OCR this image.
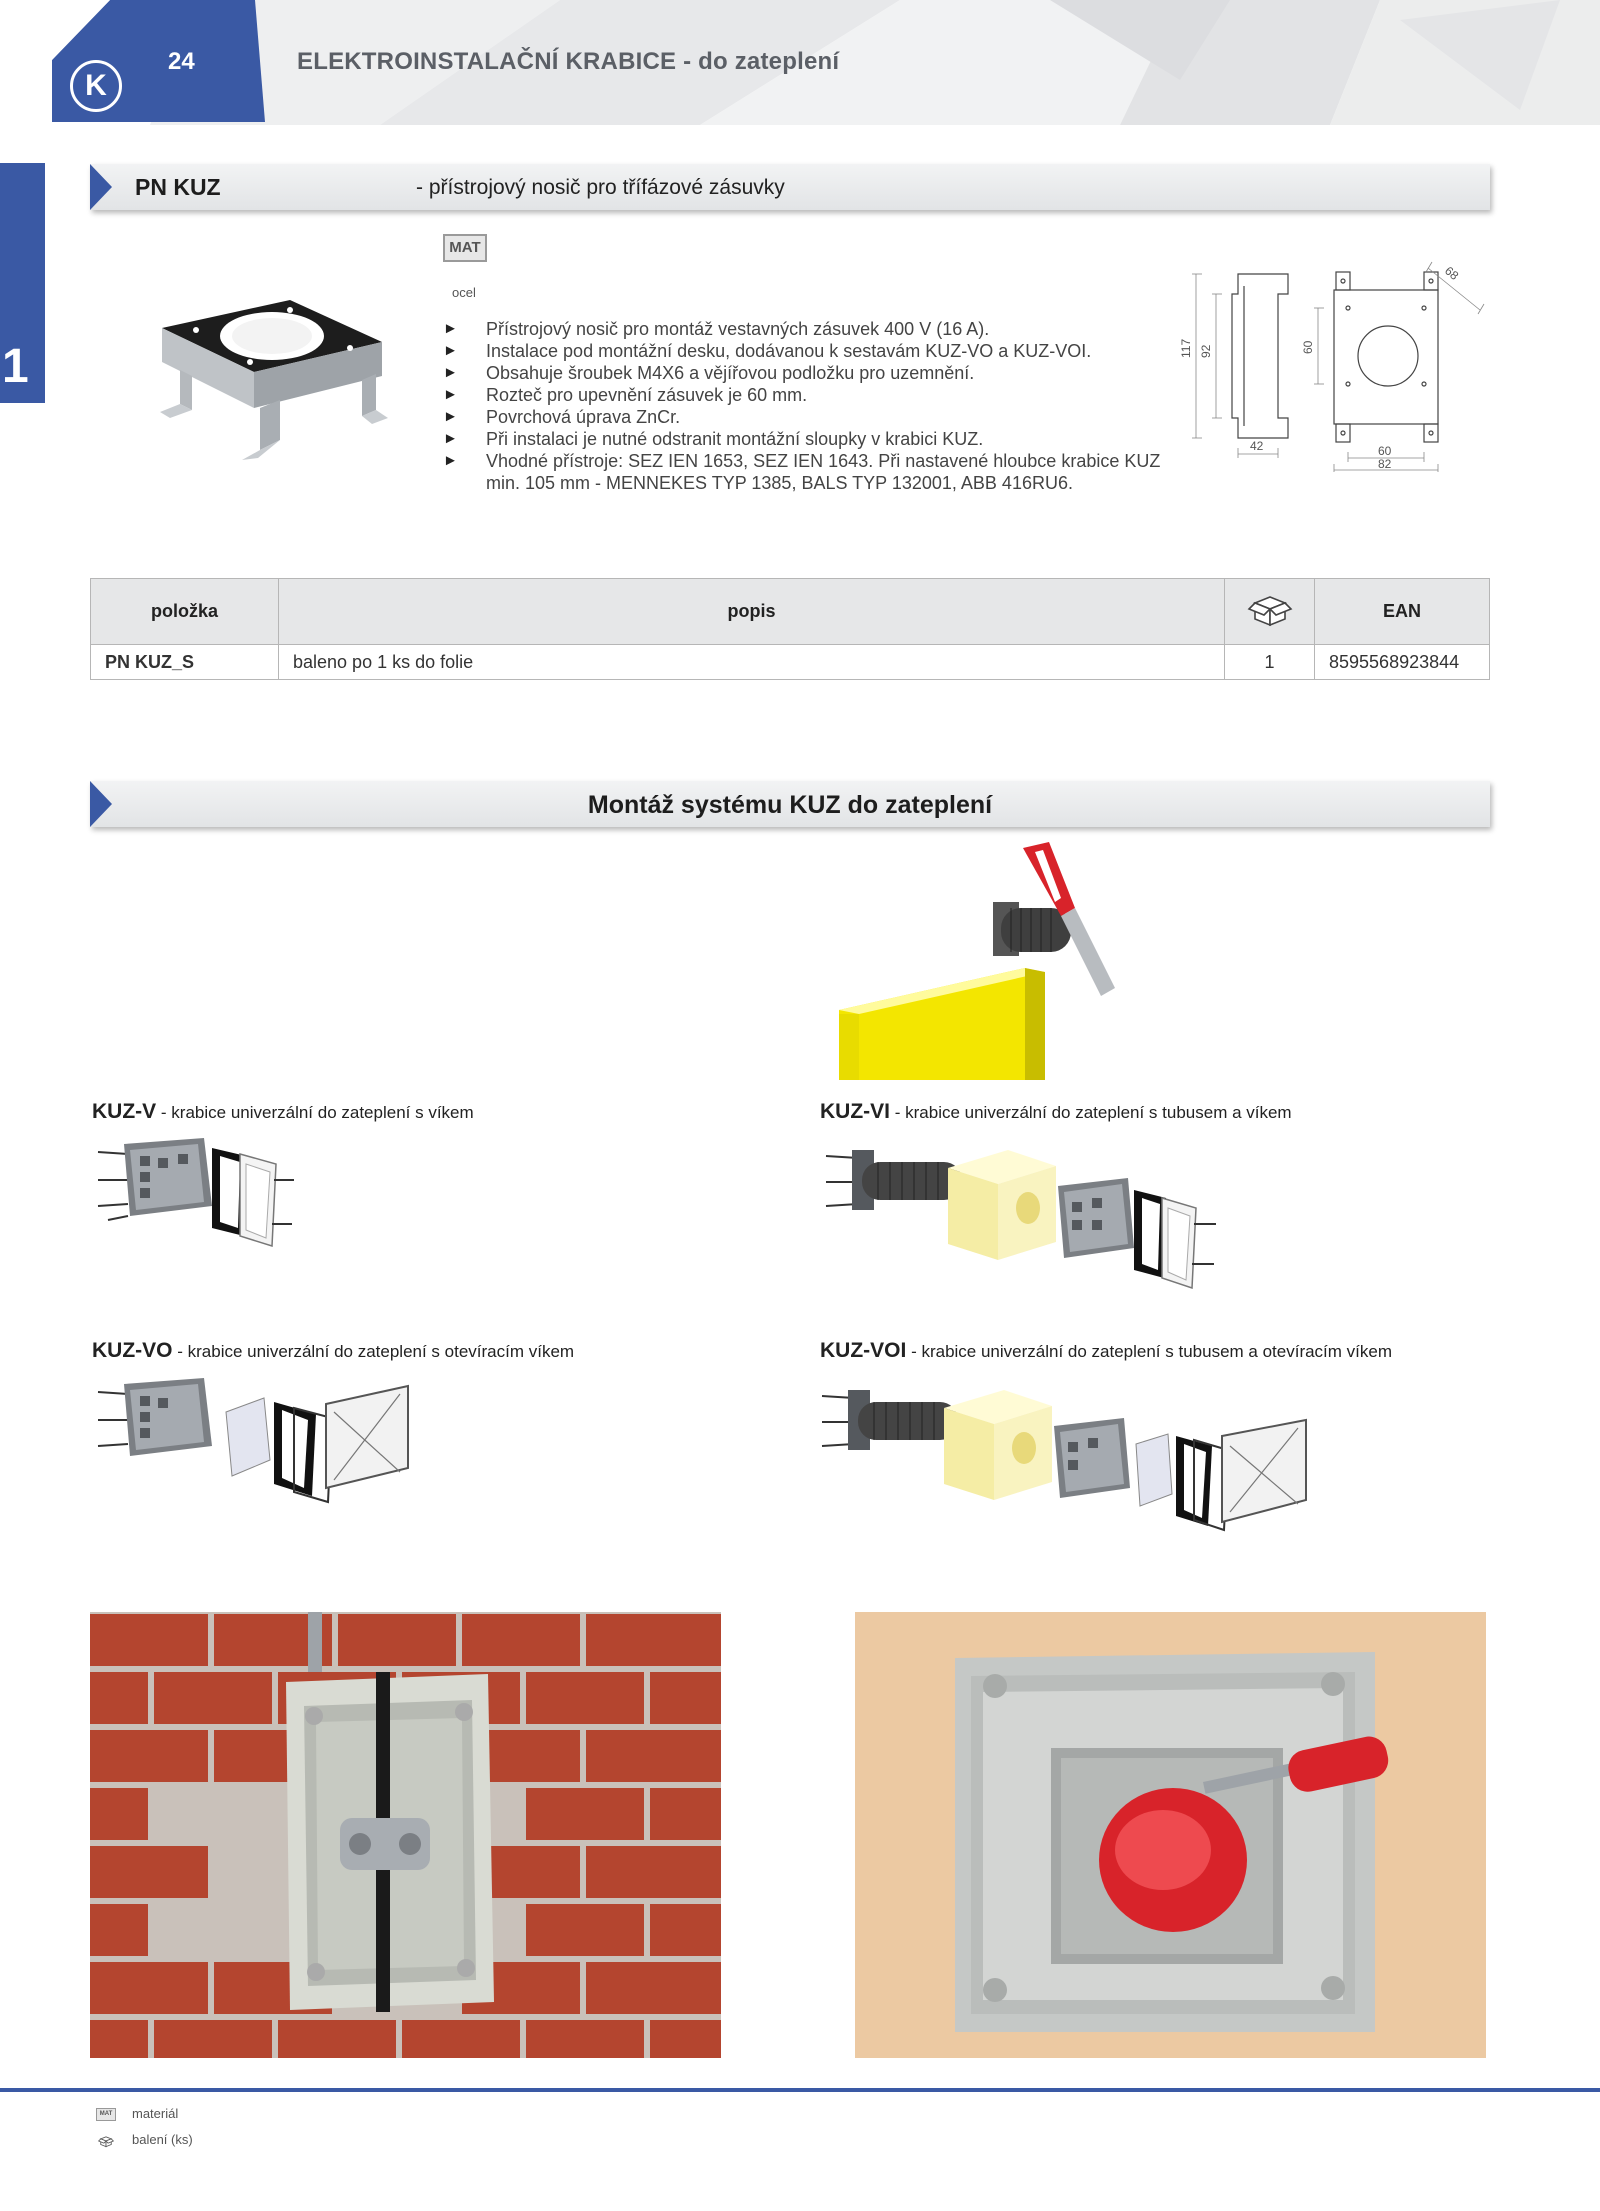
K
24	ELEKTROINSTALAČNÍ KRABICE - do zateplení
1
PN KUZ	- přístrojový nosič pro třífázové zásuvky
MAT
ocel
► Přístrojový nosič pro montáž vestavných zásuvek 400 V (16 A).
► Instalace pod montážní desku, dodávanou k sestavám KUZ-VO a KUZ-VOI.
► Obsahuje šroubek M4X6 a vějířovou podložku pro uzemnění.
► Rozteč pro upevnění zásuvek je 60 mm.
► Povrchová úprava ZnCr.
► Při instalaci je nutné odstranit montážní sloupky v krabici KUZ.
► Vhodné přístroje: SEZ IEN 1653, SEZ IEN 1643. Při nastavené hloubce krabice KUZ min. 105 mm - MENNEKES TYP 1385, BALS TYP 132001, ABB 416RU6.
117 92
42
60
68
60
82
položka	popis		EAN
PN KUZ_S	baleno po 1 ks do folie	1	8595568923844
Montáž systému KUZ do zateplení
KUZ-V - krabice univerzální do zateplení s víkem	KUZ-VI - krabice univerzální do zateplení s tubusem a víkem
KUZ-VO - krabice univerzální do zateplení s otevíracím víkem	KUZ-VOI - krabice univerzální do zateplení s tubusem a otevíracím víkem
MAT materiál
balení (ks)
